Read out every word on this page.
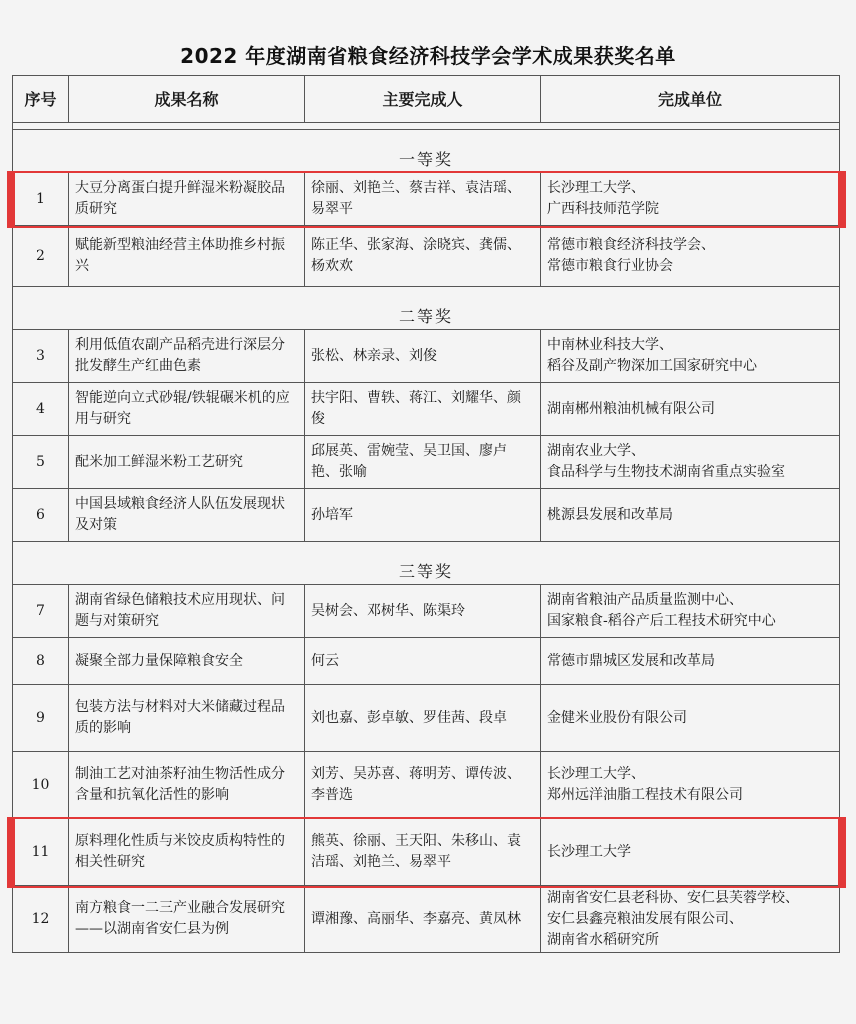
2022 年度湖南省粮食经济科技学会学术成果获奖名单
序号	成果名称	主要完成人	完成单位

一等奖			
1	大豆分离蛋白提升鲜湿米粉凝胶品质研究	徐丽、刘艳兰、蔡吉祥、袁洁瑶、易翠平	长沙理工大学、
广西科技师范学院
2	赋能新型粮油经营主体助推乡村振兴	陈正华、张家海、涂晓宾、龚儒、杨欢欢	常德市粮食经济科技学会、
常德市粮食行业协会
二等奖			
3	利用低值农副产品稻壳进行深层分批发酵生产红曲色素	张松、林亲录、刘俊	中南林业科技大学、
稻谷及副产物深加工国家研究中心
4	智能逆向立式砂辊/铁辊碾米机的应用与研究	扶宇阳、曹轶、蒋江、刘耀华、颜俊	湖南郴州粮油机械有限公司
5	配米加工鲜湿米粉工艺研究	邱展英、雷婉莹、吴卫国、廖卢艳、张喻	湖南农业大学、
食品科学与生物技术湖南省重点实验室
6	中国县域粮食经济人队伍发展现状及对策	孙培军	桃源县发展和改革局
三等奖			
7	湖南省绿色储粮技术应用现状、问题与对策研究	吴树会、邓树华、陈渠玲	湖南省粮油产品质量监测中心、
国家粮食-稻谷产后工程技术研究中心
8	凝聚全部力量保障粮食安全	何云	常德市鼎城区发展和改革局
9	包装方法与材料对大米储藏过程品质的影响	刘也嘉、彭卓敏、罗佳茜、段卓	金健米业股份有限公司
10	制油工艺对油茶籽油生物活性成分含量和抗氧化活性的影响	刘芳、吴苏喜、蒋明芳、谭传波、李普选	长沙理工大学、
郑州远洋油脂工程技术有限公司
11	原料理化性质与米饺皮质构特性的相关性研究	熊英、徐丽、王天阳、朱移山、袁洁瑶、刘艳兰、易翠平	长沙理工大学
12	南方粮食一二三产业融合发展研究——以湖南省安仁县为例	谭湘豫、高丽华、李嘉亮、黄凤林	湖南省安仁县老科协、安仁县芙蓉学校、
安仁县鑫亮粮油发展有限公司、
湖南省水稻研究所
